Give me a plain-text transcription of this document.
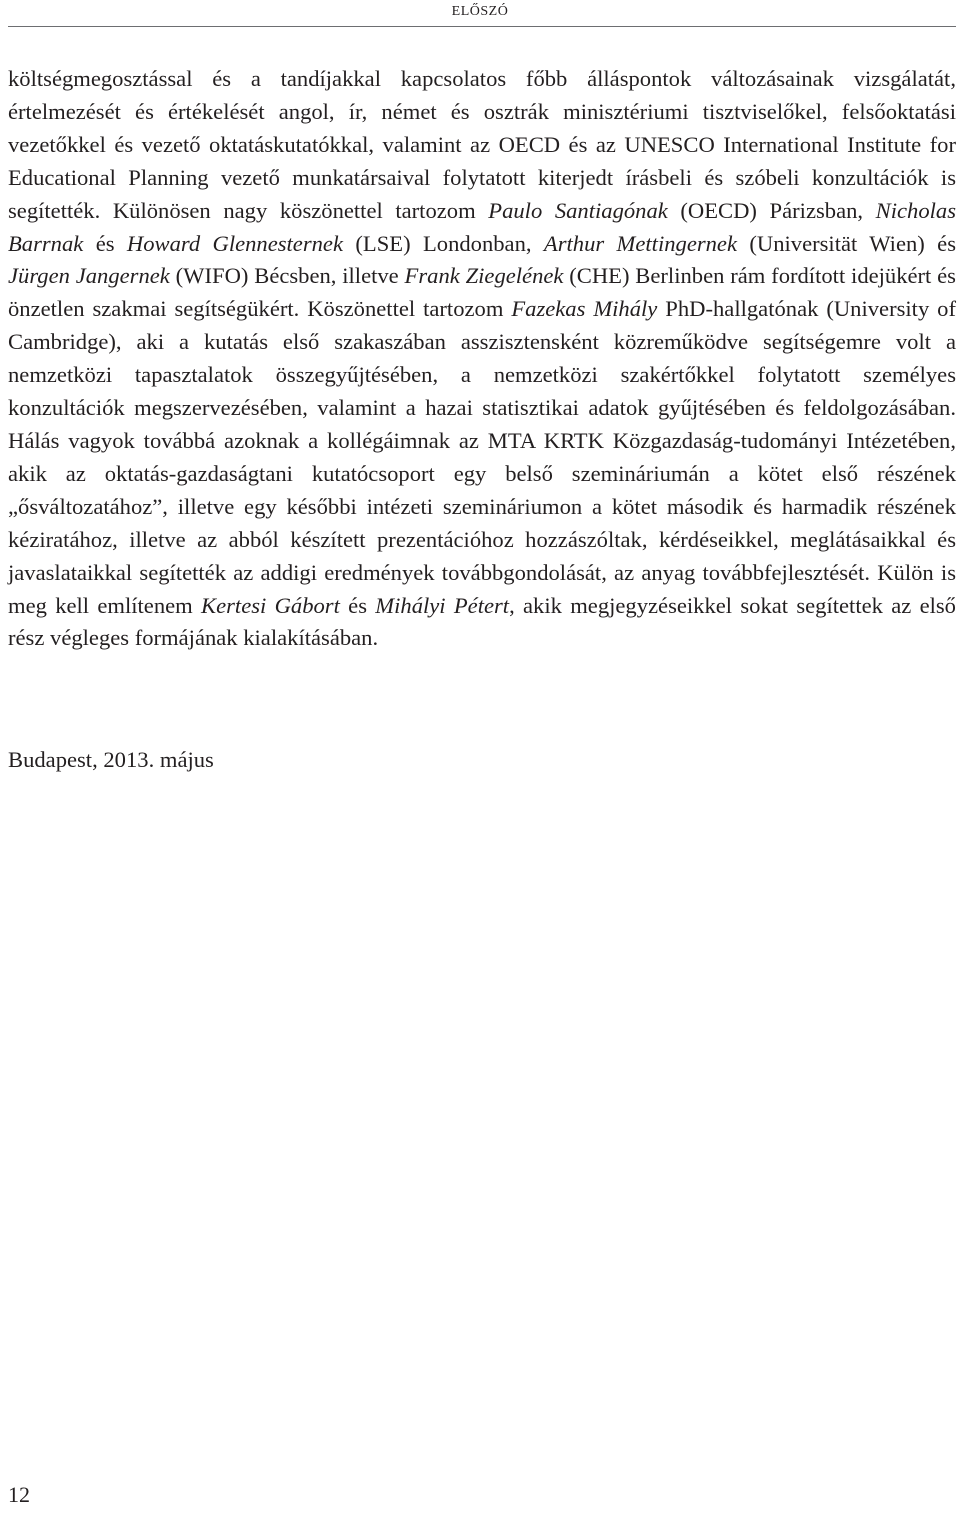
ELŐSZÓ

költségmegosztással és a tandíjakkal kapcsolatos főbb álláspontok változásainak vizsgálatát, értelmezését és értékelését angol, ír, német és osztrák minisztériumi tisztviselőkel, felsőoktatási vezetőkkel és vezető oktatáskutatókkal, valamint az OECD és az UNESCO International Institute for Educational Planning vezető munkatársaival folytatott kiterjedt írásbeli és szóbeli konzultációk is segítették. Különösen nagy köszönettel tartozom Paulo Santiagónak (OECD) Párizsban, Nicholas Barrnak és Howard Glennesternek (LSE) Londonban, Arthur Mettingernek (Universität Wien) és Jürgen Jangernek (WIFO) Bécsben, illetve Frank Ziegelének (CHE) Berlinben rám fordított idejükért és önzetlen szakmai segítségükért. Köszönettel tartozom Fazekas Mihály PhD-hallgatónak (University of Cambridge), aki a kutatás első szakaszában asszisztensként közreműködve segítségemre volt a nemzetközi tapasztalatok összegyűjtésében, a nemzetközi szakértőkkel folytatott személyes konzultációk megszervezésében, valamint a hazai statisztikai adatok gyűjtésében és feldolgozásában. Hálás vagyok továbbá azoknak a kollégáimnak az MTA KRTK Közgazdaság-tudományi Intézetében, akik az oktatás-gazdaságtani kutatócsoport egy belső szemináriumán a kötet első részének „ősváltozatához”, illetve egy későbbi intézeti szemináriumon a kötet második és harmadik részének kéziratához, illetve az abból készített prezentációhoz hozzászóltak, kérdéseikkel, meglátásaikkal és javaslataikkal segítették az addigi eredmények továbbgondolását, az anyag továbbfejlesztését. Külön is meg kell említenem Kertesi Gábort és Mihályi Pétert, akik megjegyzéseikkel sokat segítettek az első rész végleges formájának kialakításában.

Budapest, 2013. május

12
